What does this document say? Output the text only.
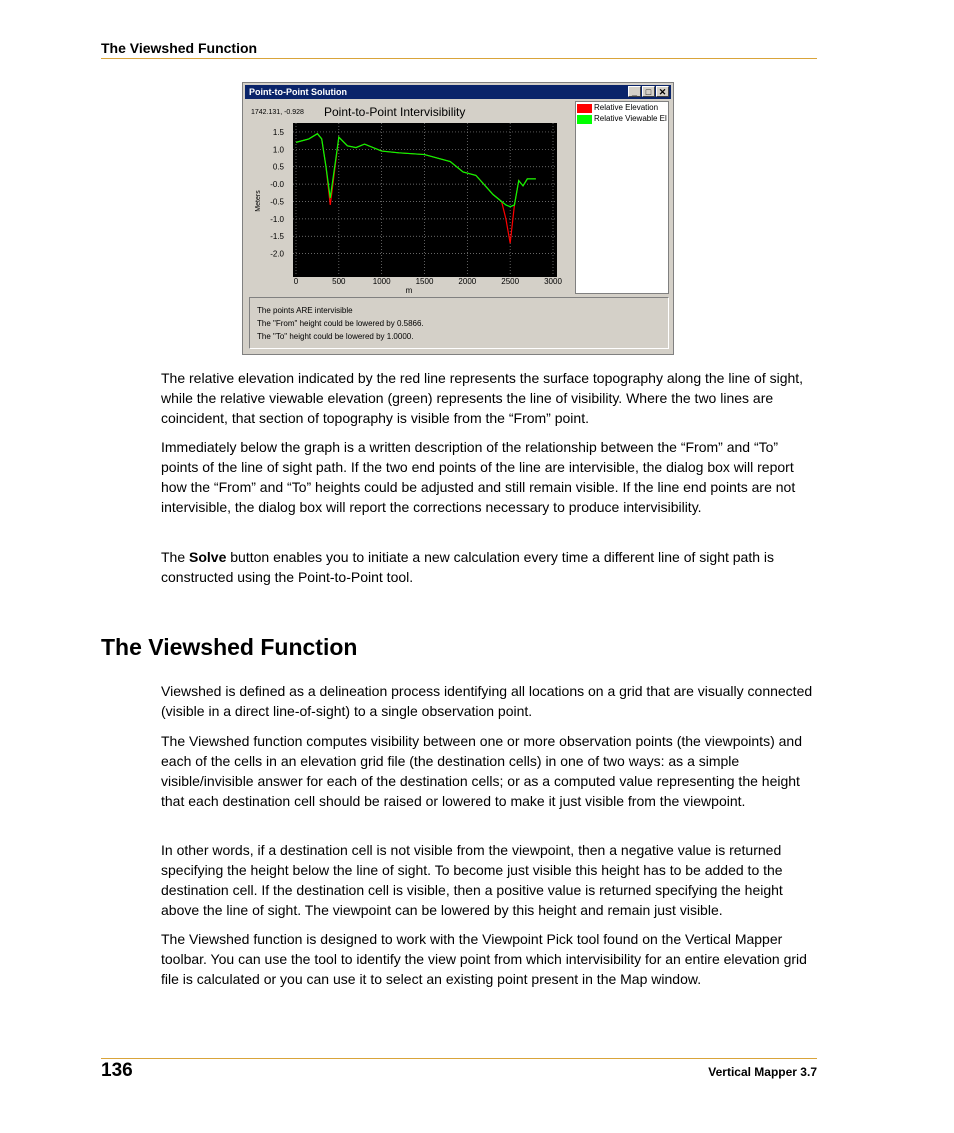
The Viewshed Function
Point-to-Point Solution	_ □ ✕
1742.131, -0.928 Point-to-Point Intervisibility
0	500	1000	1500	2000	2500	3000
1.5
1.0
0.5
-0.0
-0.5
-1.0
-1.5
-2.0
m
Meters
Relative Elevation
Relative Viewable El
The points ARE intervisible
The "From" height could be lowered by 0.5866.
The "To" height could be lowered by 1.0000.

The relative elevation indicated by the red line represents the surface topography along the line of sight, while the relative viewable elevation (green) represents the line of visibility. Where the two lines are coincident, that section of topography is visible from the “From” point.

Immediately below the graph is a written description of the relationship between the “From” and “To” points of the line of sight path. If the two end points of the line are intervisible, the dialog box will report how the “From” and “To” heights could be adjusted and still remain visible. If the line end points are not intervisible, the dialog box will report the corrections necessary to produce intervisibility.

The Solve button enables you to initiate a new calculation every time a different line of sight path is constructed using the Point-to-Point tool.

The Viewshed Function

Viewshed is defined as a delineation process identifying all locations on a grid that are visually connected (visible in a direct line-of-sight) to a single observation point.

The Viewshed function computes visibility between one or more observation points (the viewpoints) and each of the cells in an elevation grid file (the destination cells) in one of two ways: as a simple visible/invisible answer for each of the destination cells; or as a computed value representing the height that each destination cell should be raised or lowered to make it just visible from the viewpoint.

In other words, if a destination cell is not visible from the viewpoint, then a negative value is returned specifying the height below the line of sight. To become just visible this height has to be added to the destination cell. If the destination cell is visible, then a positive value is returned specifying the height above the line of sight. The viewpoint can be lowered by this height and remain just visible.

The Viewshed function is designed to work with the Viewpoint Pick tool found on the Vertical Mapper toolbar. You can use the tool to identify the view point from which intervisibility for an entire elevation grid file is calculated or you can use it to select an existing point present in the Map window.

136	Vertical Mapper 3.7
